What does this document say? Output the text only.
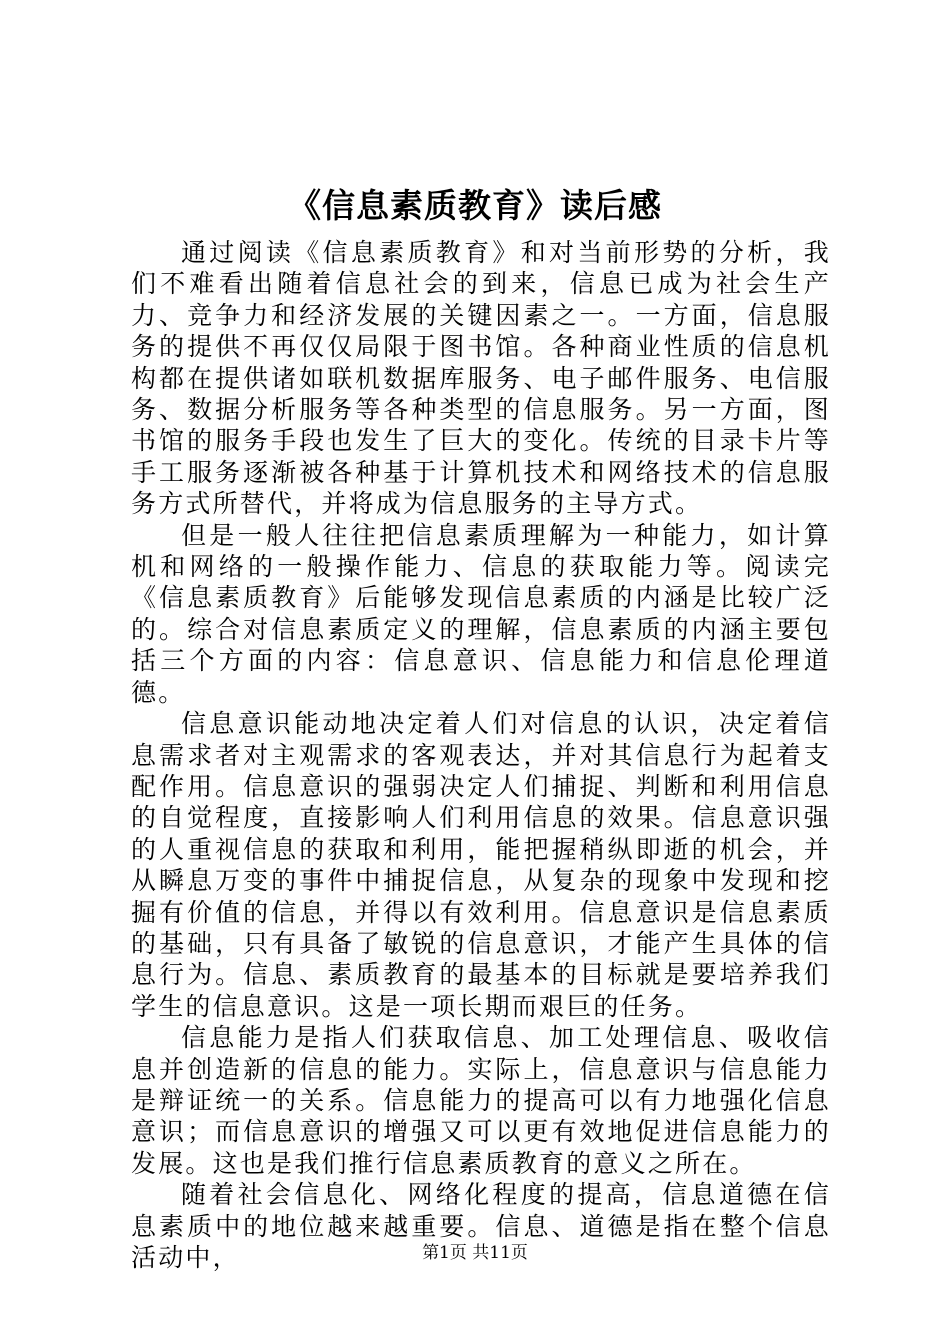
《信息素质教育》读后感

通过阅读《信息素质教育》和对当前形势的分析，我们不难看出随着信息社会的到来，信息已成为社会生产力、竞争力和经济发展的关键因素之一。一方面，信息服务的提供不再仅仅局限于图书馆。各种商业性质的信息机构都在提供诸如联机数据库服务、电子邮件服务、电信服务、数据分析服务等各种类型的信息服务。另一方面，图书馆的服务手段也发生了巨大的变化。传统的目录卡片等手工服务逐渐被各种基于计算机技术和网络技术的信息服务方式所替代，并将成为信息服务的主导方式。

但是一般人往往把信息素质理解为一种能力，如计算机和网络的一般操作能力、信息的获取能力等。阅读完《信息素质教育》后能够发现信息素质的内涵是比较广泛的。综合对信息素质定义的理解，信息素质的内涵主要包括三个方面的内容：信息意识、信息能力和信息伦理道德。

信息意识能动地决定着人们对信息的认识，决定着信息需求者对主观需求的客观表达，并对其信息行为起着支配作用。信息意识的强弱决定人们捕捉、判断和利用信息的自觉程度，直接影响人们利用信息的效果。信息意识强的人重视信息的获取和利用，能把握稍纵即逝的机会，并从瞬息万变的事件中捕捉信息，从复杂的现象中发现和挖掘有价值的信息，并得以有效利用。信息意识是信息素质的基础，只有具备了敏锐的信息意识，才能产生具体的信息行为。信息、素质教育的最基本的目标就是要培养我们学生的信息意识。这是一项长期而艰巨的任务。

信息能力是指人们获取信息、加工处理信息、吸收信息并创造新的信息的能力。实际上，信息意识与信息能力是辩证统一的关系。信息能力的提高可以有力地强化信息意识；而信息意识的增强又可以更有效地促进信息能力的发展。这也是我们推行信息素质教育的意义之所在。

随着社会信息化、网络化程度的提高，信息道德在信息素质中的地位越来越重要。信息、道德是指在整个信息活动中，	第1页 共11页
